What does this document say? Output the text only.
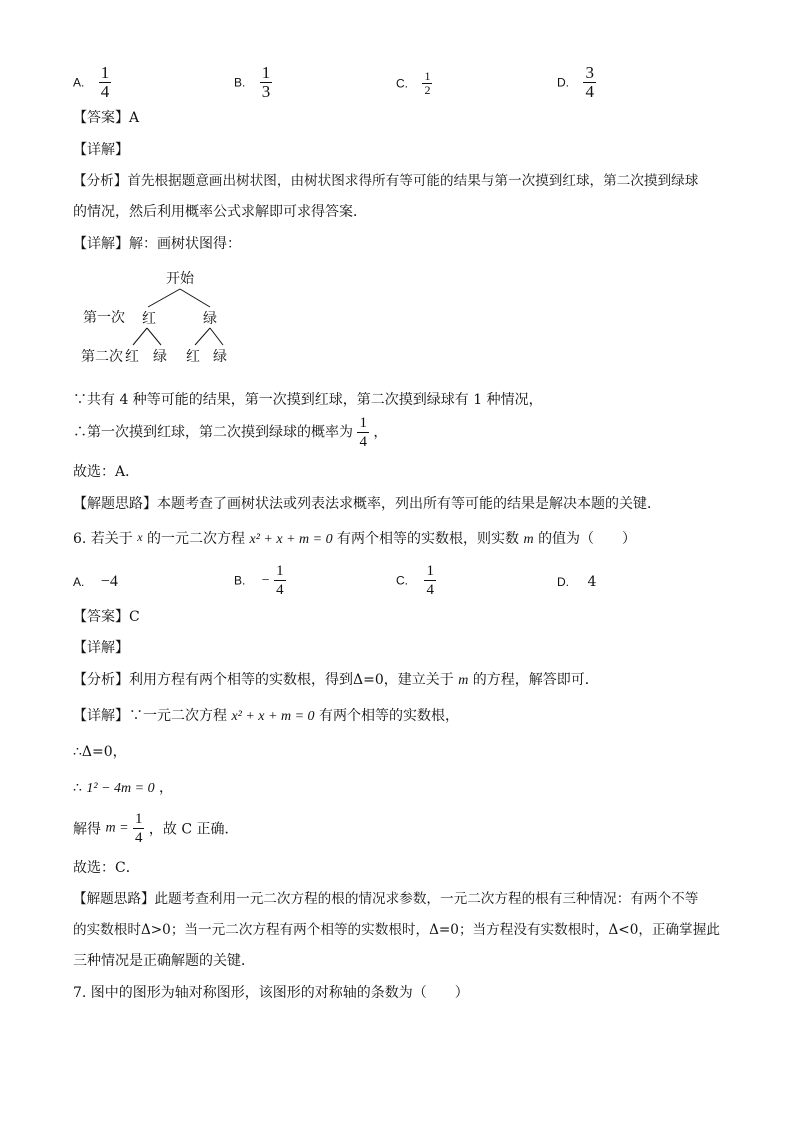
A. $\frac{1}{4}$	B. $\frac{1}{3}$	C. $\frac{1}{2}$	D. $\frac{3}{4}$
【答案】A
【详解】
【分析】首先根据题意画出树状图，由树状图求得所有等可能的结果与第一次摸到红球，第二次摸到绿球
的情况，然后利用概率公式求解即可求得答案．
【详解】解：画树状图得：
开始
第一次 红	绿
第二次 红 绿 红 绿
∵共有 4 种等可能的结果，第一次摸到红球，第二次摸到绿球有 1 种情况，
∴第一次摸到红球，第二次摸到绿球的概率为 $\frac{1}{4}$ ，
故选：A．
【解题思路】本题考查了画树状法或列表法求概率，列出所有等可能的结果是解决本题的关键．
6. 若关于 x 的一元二次方程 x² + x + m = 0 有两个相等的实数根，则实数 m 的值为（　　）
A. −4	B. − $\frac{1}{4}$	C. $\frac{1}{4}$	D. 4
【答案】C
【详解】
【分析】利用方程有两个相等的实数根，得到Δ=0，建立关于 m 的方程，解答即可．
【详解】∵一元二次方程 x² + x + m = 0 有两个相等的实数根，
∴Δ=0，
∴ 1² − 4m = 0 ，
解得 $m = \frac{1}{4}$ ，故 C 正确．
故选：C．
【解题思路】此题考查利用一元二次方程的根的情况求参数，一元二次方程的根有三种情况：有两个不等
的实数根时Δ>0；当一元二次方程有两个相等的实数根时，Δ=0；当方程没有实数根时，Δ<0，正确掌握此
三种情况是正确解题的关键．
7. 图中的图形为轴对称图形，该图形的对称轴的条数为（　　）
